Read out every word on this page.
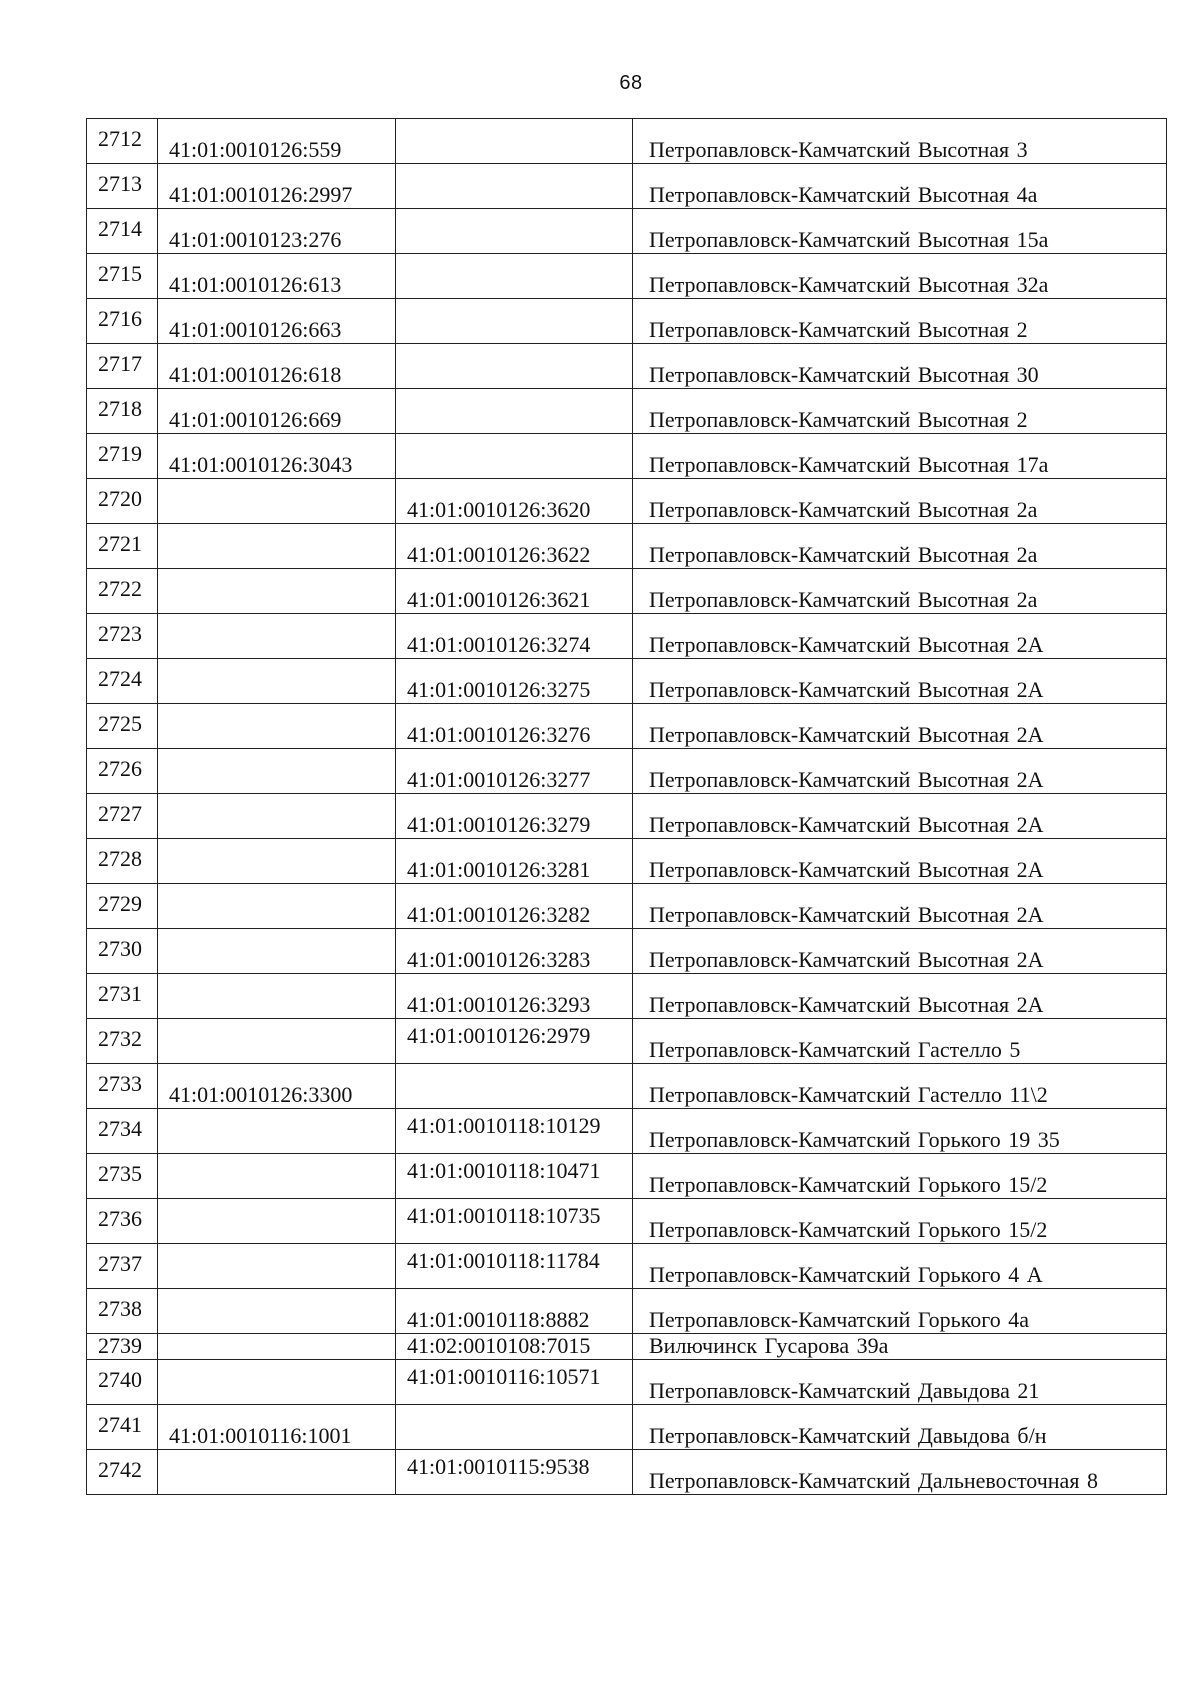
68
2712	41:01:0010126:559		Петропавловск-Камчатский Высотная 3

2713	41:01:0010126:2997		Петропавловск-Камчатский Высотная 4а

2714	41:01:0010123:276		Петропавловск-Камчатский Высотная 15а

2715	41:01:0010126:613		Петропавловск-Камчатский Высотная 32а

2716	41:01:0010126:663		Петропавловск-Камчатский Высотная 2

2717	41:01:0010126:618		Петропавловск-Камчатский Высотная 30

2718	41:01:0010126:669		Петропавловск-Камчатский Высотная 2

2719	41:01:0010126:3043		Петропавловск-Камчатский Высотная 17а

2720		41:01:0010126:3620	Петропавловск-Камчатский Высотная 2а

2721		41:01:0010126:3622	Петропавловск-Камчатский Высотная 2а

2722		41:01:0010126:3621	Петропавловск-Камчатский Высотная 2а

2723		41:01:0010126:3274	Петропавловск-Камчатский Высотная 2А

2724		41:01:0010126:3275	Петропавловск-Камчатский Высотная 2А

2725		41:01:0010126:3276	Петропавловск-Камчатский Высотная 2А

2726		41:01:0010126:3277	Петропавловск-Камчатский Высотная 2А

2727		41:01:0010126:3279	Петропавловск-Камчатский Высотная 2А

2728		41:01:0010126:3281	Петропавловск-Камчатский Высотная 2А

2729		41:01:0010126:3282	Петропавловск-Камчатский Высотная 2А

2730		41:01:0010126:3283	Петропавловск-Камчатский Высотная 2А

2731		41:01:0010126:3293	Петропавловск-Камчатский Высотная 2А

2732		41:01:0010126:2979	Петропавловск-Камчатский Гастелло 5

2733	41:01:0010126:3300		Петропавловск-Камчатский Гастелло 11\2

2734		41:01:0010118:10129	Петропавловск-Камчатский Горького 19 35

2735		41:01:0010118:10471	Петропавловск-Камчатский Горького 15/2

2736		41:01:0010118:10735	Петропавловск-Камчатский Горького 15/2

2737		41:01:0010118:11784	Петропавловск-Камчатский Горького 4 А

2738		41:01:0010118:8882	Петропавловск-Камчатский Горького 4а

2739		41:02:0010108:7015	Вилючинск Гусарова 39а

2740		41:01:0010116:10571	Петропавловск-Камчатский Давыдова 21

2741	41:01:0010116:1001		Петропавловск-Камчатский Давыдова б/н

2742		41:01:0010115:9538	Петропавловск-Камчатский Дальневосточная 8
